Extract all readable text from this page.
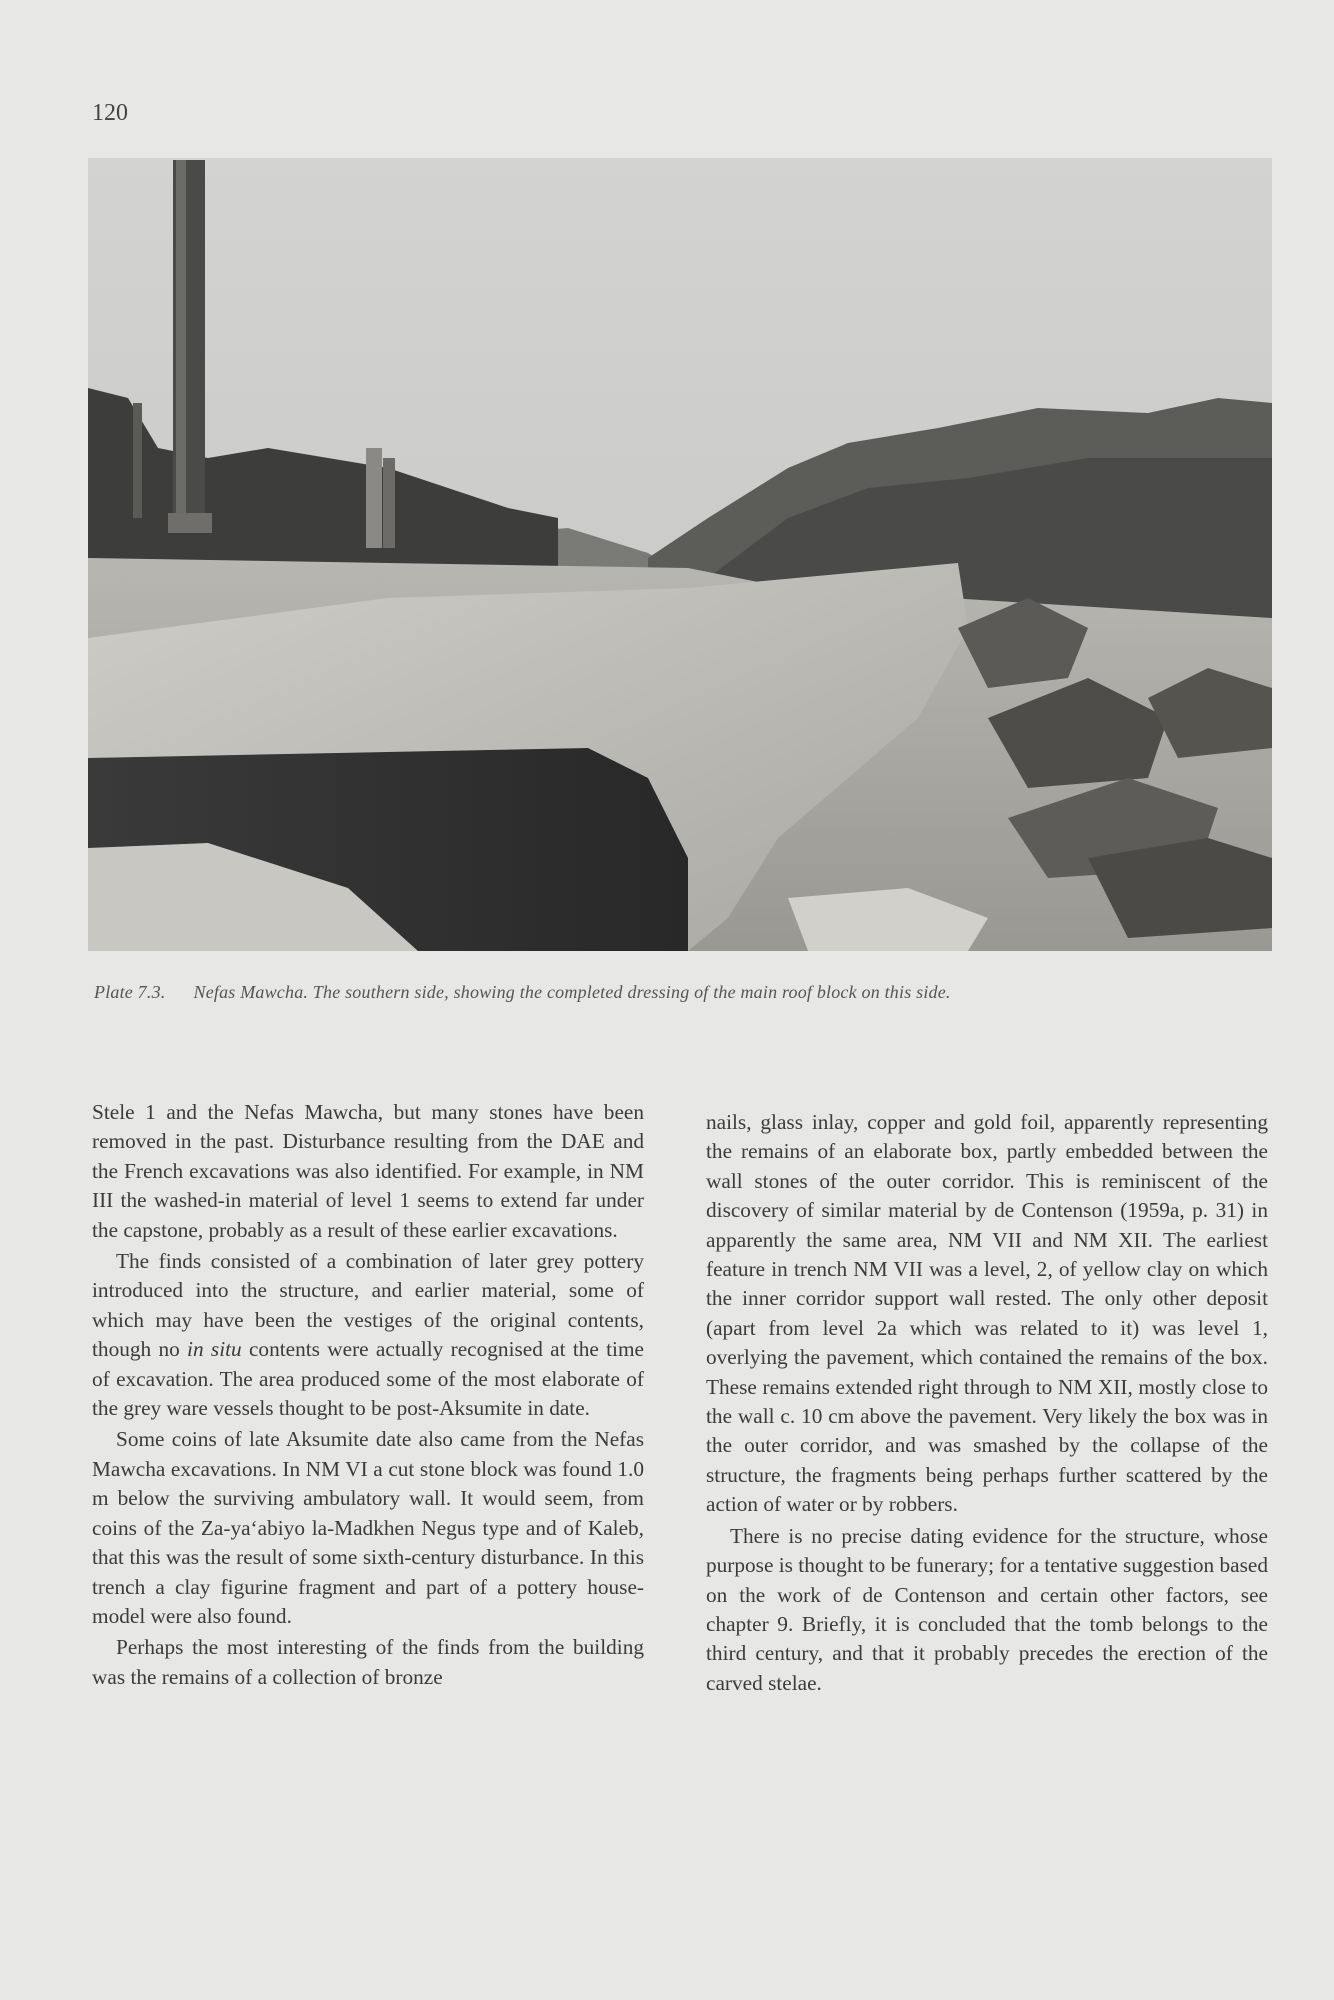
120
Plate 7.3. Nefas Mawcha. The southern side, showing the completed dressing of the main roof block on this side.

Stele 1 and the Nefas Mawcha, but many stones have been removed in the past. Disturbance resulting from the DAE and the French excavations was also identified. For example, in NM III the washed-in material of level 1 seems to extend far under the capstone, probably as a result of these earlier excavations.

The finds consisted of a combination of later grey pottery introduced into the structure, and earlier material, some of which may have been the vestiges of the original contents, though no in situ contents were actually recognised at the time of excavation. The area produced some of the most elaborate of the grey ware vessels thought to be post-Aksumite in date.

Some coins of late Aksumite date also came from the Nefas Mawcha excavations. In NM VI a cut stone block was found 1.0 m below the surviving ambulatory wall. It would seem, from coins of the Za-ya‘abiyo la-Madkhen Negus type and of Kaleb, that this was the result of some sixth-century disturbance. In this trench a clay figurine fragment and part of a pottery house-model were also found.

Perhaps the most interesting of the finds from the building was the remains of a collection of bronze

nails, glass inlay, copper and gold foil, apparently representing the remains of an elaborate box, partly embedded between the wall stones of the outer corridor. This is reminiscent of the discovery of similar material by de Contenson (1959a, p. 31) in apparently the same area, NM VII and NM XII. The earliest feature in trench NM VII was a level, 2, of yellow clay on which the inner corridor support wall rested. The only other deposit (apart from level 2a which was related to it) was level 1, overlying the pavement, which contained the remains of the box. These remains extended right through to NM XII, mostly close to the wall c. 10 cm above the pavement. Very likely the box was in the outer corridor, and was smashed by the collapse of the structure, the fragments being perhaps further scattered by the action of water or by robbers.

There is no precise dating evidence for the structure, whose purpose is thought to be funerary; for a tentative suggestion based on the work of de Contenson and certain other factors, see chapter 9. Briefly, it is concluded that the tomb belongs to the third century, and that it probably precedes the erection of the carved stelae.
